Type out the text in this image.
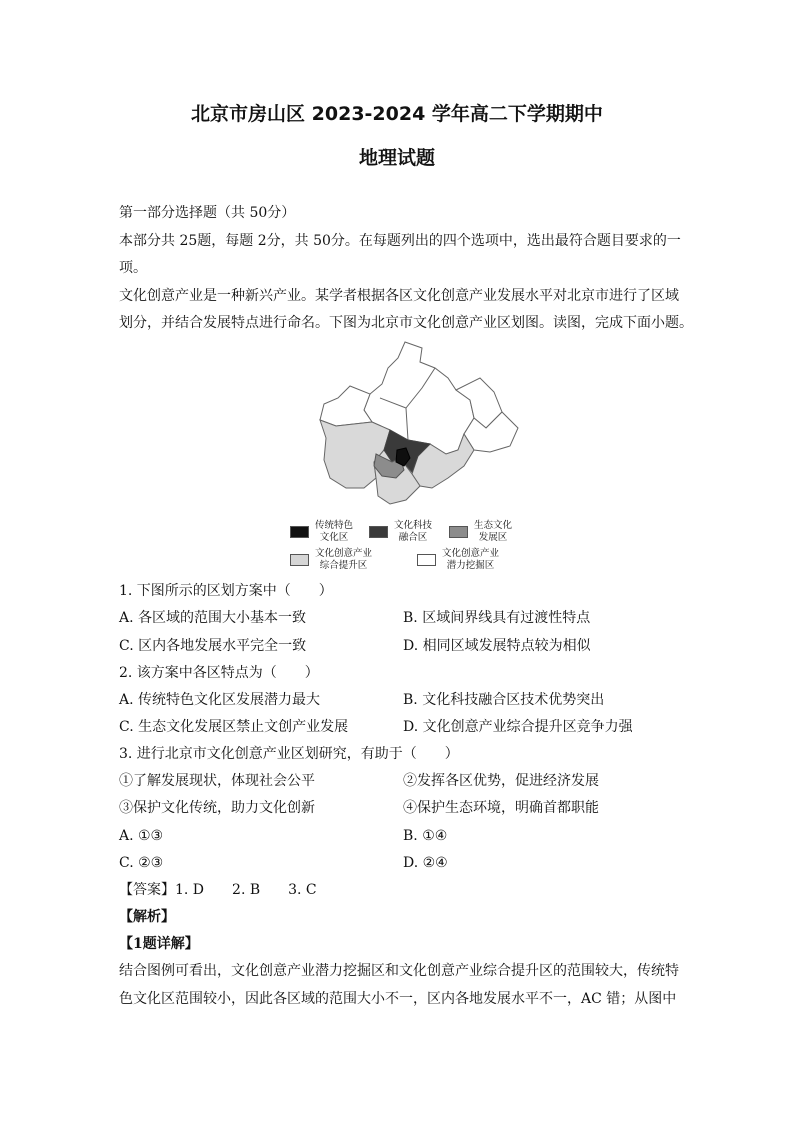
北京市房山区 2023-2024 学年高二下学期期中
地理试题
第一部分选择题（共 50分）
本部分共 25题，每题 2分，共 50分。在每题列出的四个选项中，选出最符合题目要求的一
项。
文化创意产业是一种新兴产业。某学者根据各区文化创意产业发展水平对北京市进行了区域
划分，并结合发展特点进行命名。下图为北京市文化创意产业区划图。读图，完成下面小题。
传统特色
文化区
文化科技
融合区
生态文化
发展区
文化创意产业
综合提升区
文化创意产业
潜力挖掘区
1. 下图所示的区划方案中（　　）
A. 各区域的范围大小基本一致	B. 区域间界线具有过渡性特点
C. 区内各地发展水平完全一致	D. 相同区域发展特点较为相似
2. 该方案中各区特点为（　　）
A. 传统特色文化区发展潜力最大	B. 文化科技融合区技术优势突出
C. 生态文化发展区禁止文创产业发展	D. 文化创意产业综合提升区竞争力强
3. 进行北京市文化创意产业区划研究，有助于（　　）
①了解发展现状，体现社会公平	②发挥各区优势，促进经济发展
③保护文化传统，助力文化创新	④保护生态环境，明确首都职能
A. ①③	B. ①④
C. ②③	D. ②④
【答案】1. D　　2. B　　3. C
【解析】
【1题详解】
结合图例可看出，文化创意产业潜力挖掘区和文化创意产业综合提升区的范围较大，传统特
色文化区范围较小，因此各区域的范围大小不一，区内各地发展水平不一，AC 错；从图中
